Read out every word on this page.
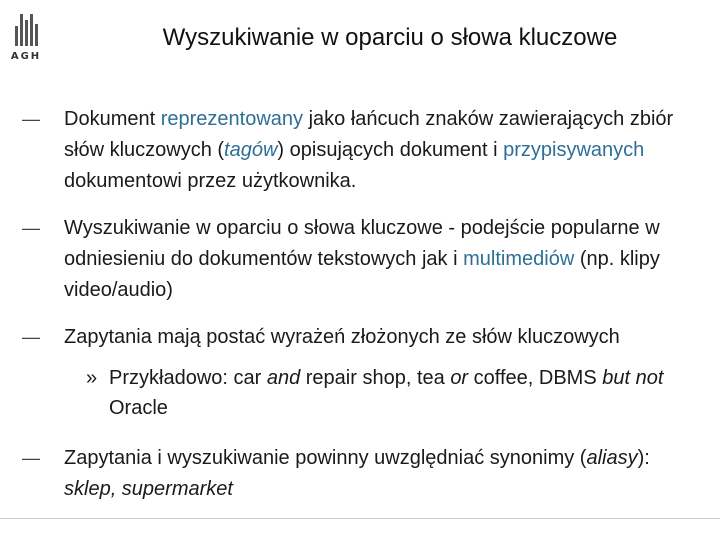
AGH
Wyszukiwanie w oparciu o słowa kluczowe
— Dokument reprezentowany jako łańcuch znaków zawierających zbiór słów kluczowych (tagów) opisujących dokument i przypisywanych dokumentowi przez użytkownika.
— Wyszukiwanie w oparciu o słowa kluczowe - podejście popularne w odniesieniu do dokumentów tekstowych jak i multimediów (np. klipy video/audio)
— Zapytania mają postać wyrażeń złożonych ze słów kluczowych
» Przykładowo: car and repair shop, tea or coffee, DBMS but not Oracle
— Zapytania i wyszukiwanie powinny uwzględniać synonimy (aliasy): sklep, supermarket
